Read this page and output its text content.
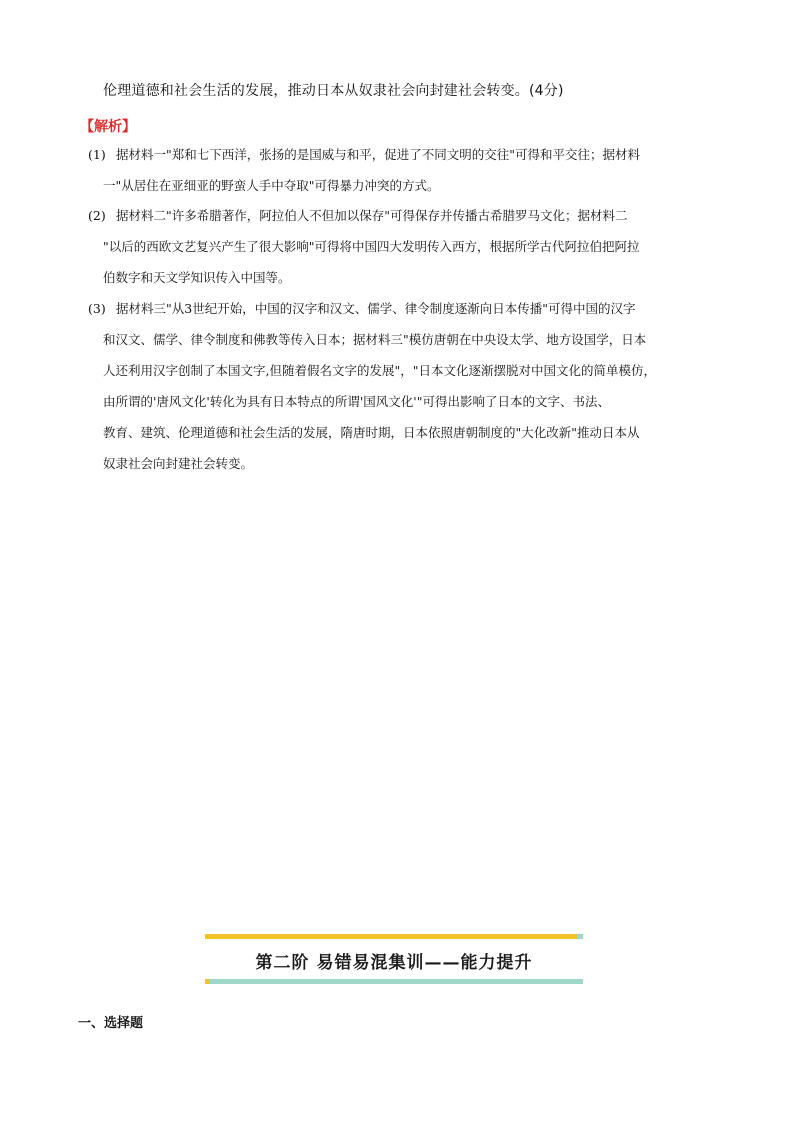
伦理道德和社会生活的发展，推动日本从奴隶社会向封建社会转变。(4分)
【解析】
(1) 据材料一"郑和七下西洋，张扬的是国威与和平，促进了不同文明的交往"可得和平交往；据材料
一"从居住在亚细亚的野蛮人手中夺取"可得暴力冲突的方式。
(2) 据材料二"许多希腊著作，阿拉伯人不但加以保存"可得保存并传播古希腊罗马文化；据材料二
"以后的西欧文艺复兴产生了很大影响"可得将中国四大发明传入西方，根据所学古代阿拉伯把阿拉
伯数字和天文学知识传入中国等。
(3) 据材料三"从3世纪开始，中国的汉字和汉文、儒学、律令制度逐渐向日本传播"可得中国的汉字
和汉文、儒学、律令制度和佛教等传入日本；据材料三"模仿唐朝在中央设太学、地方设国学，日本
人还利用汉字创制了本国文字,但随着假名文字的发展"，"日本文化逐渐摆脱对中国文化的简单模仿，
由所谓的'唐风文化'转化为具有日本特点的所谓'国风文化'"可得出影响了日本的文字、书法、
教育、建筑、伦理道德和社会生活的发展，隋唐时期，日本依照唐朝制度的"大化改新"推动日本从
奴隶社会向封建社会转变。
第二阶 易错易混集训——能力提升
一、选择题
